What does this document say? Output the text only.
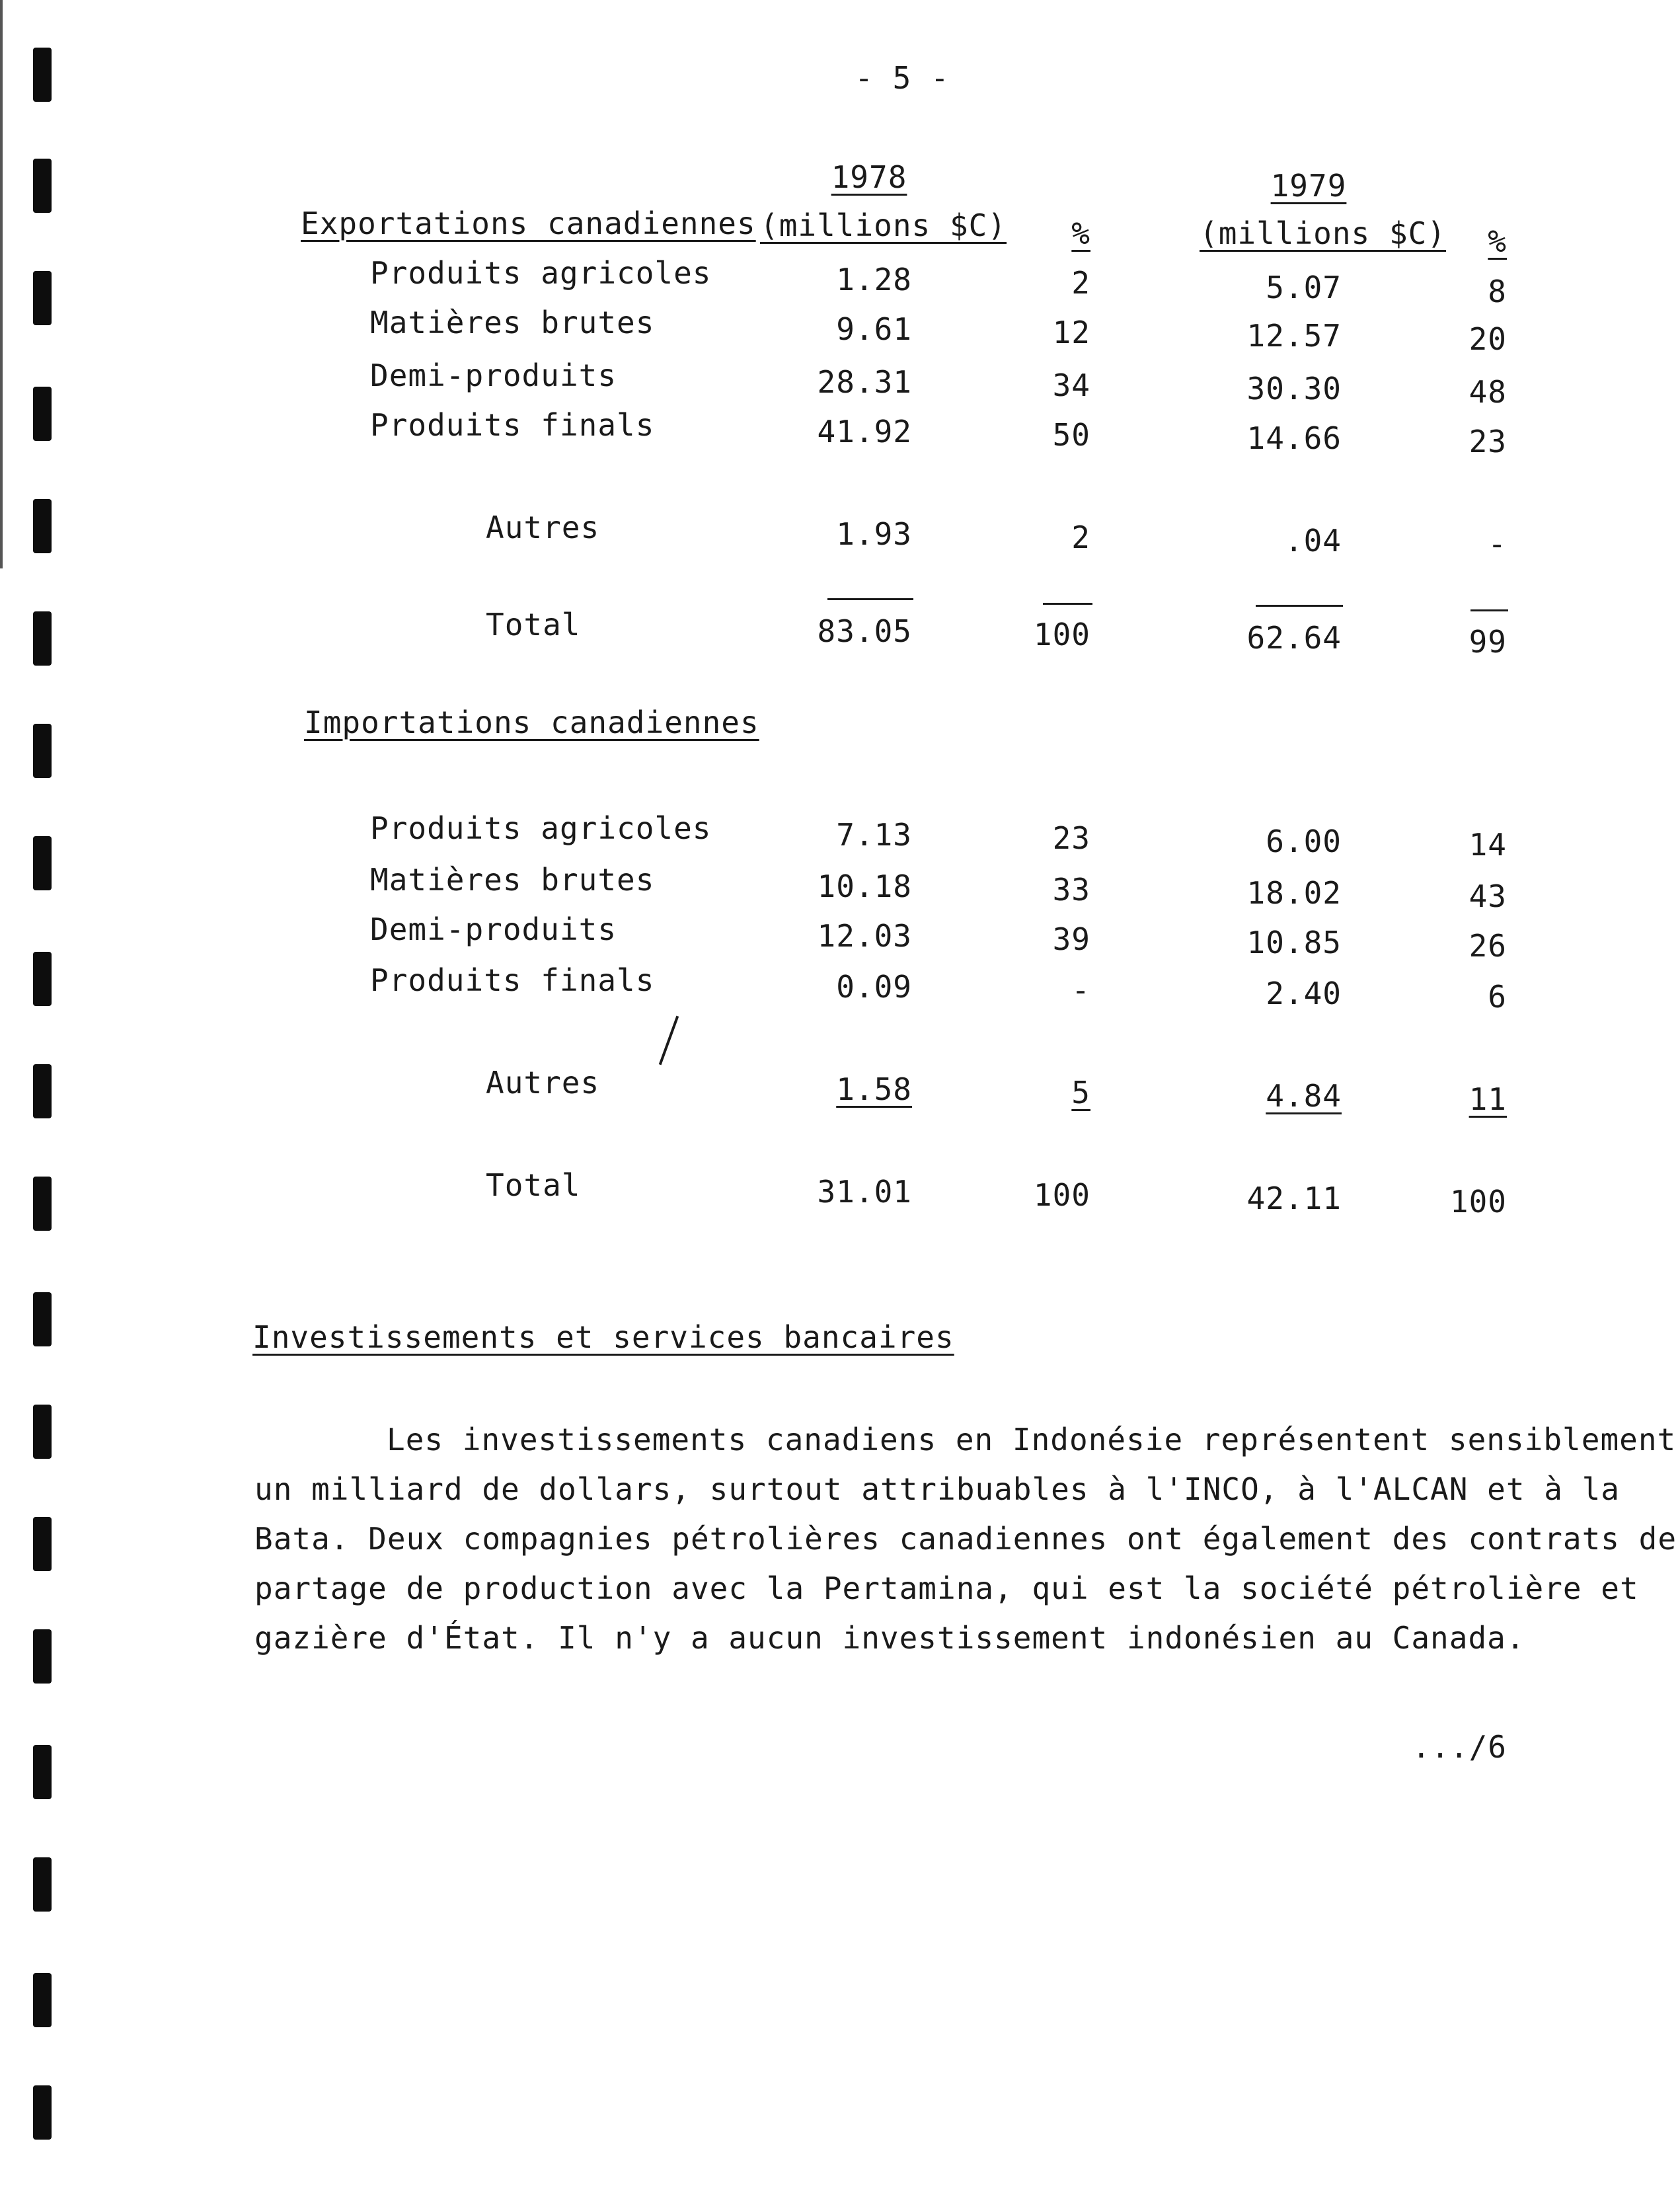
- 5 -
1978
(millions $C)	%
1979
(millions $C)	%
Exportations canadiennes
Produits agricoles	1.28	2	5.07	8
Matières brutes	9.61	12	12.57	20
Demi-produits	28.31	34	30.30	48
Produits finals	41.92	50	14.66	23
Autres	1.93	2	.04	-
Total	83.05	100	62.64	99
Importations canadiennes
Produits agricoles	7.13	23	6.00	14
Matières brutes	10.18	33	18.02	43
Demi-produits	12.03	39	10.85	26
Produits finals	0.09	-	2.40	6
Autres	1.58	5	4.84	11
Total	31.01	100	42.11	100
Investissements et services bancaires
Les investissements canadiens en Indonésie représentent sensiblement
un milliard de dollars, surtout attribuables à l'INCO, à l'ALCAN et à la
Bata. Deux compagnies pétrolières canadiennes ont également des contrats de
partage de production avec la Pertamina, qui est la société pétrolière et
gazière d'État. Il n'y a aucun investissement indonésien au Canada.
.../6
